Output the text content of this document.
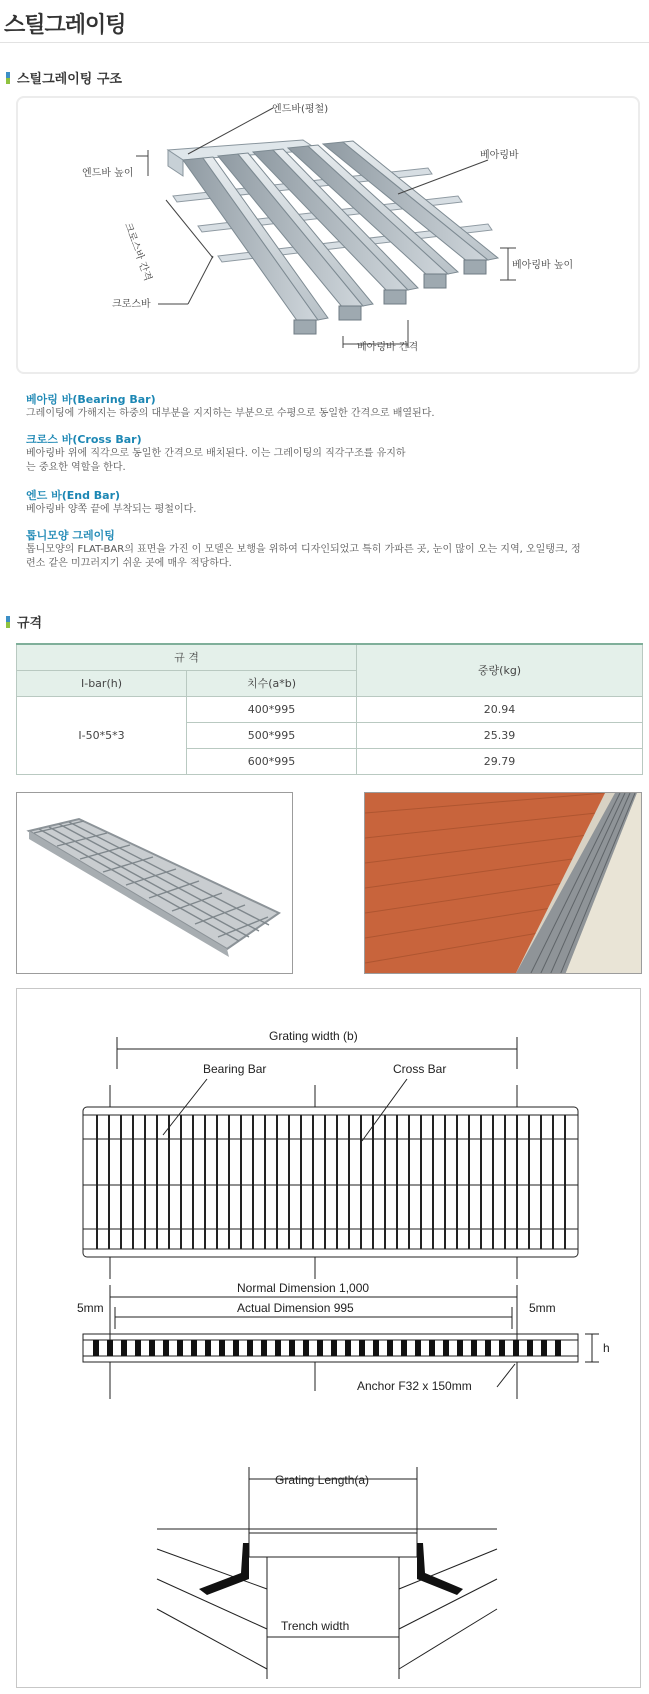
스틸그레이팅
스틸그레이팅 구조
엔드바(평철)
엔드바 높이
베아링바
크로스바 간격	베아링바 높이
크로스바
베아링바 간격
베아링 바(Bearing Bar)
그레이팅에 가해지는 하중의 대부분을 지지하는 부분으로 수평으로 동일한 간격으로 배열된다.
크로스 바(Cross Bar)
베아링바 위에 직각으로 동일한 간격으로 배치된다. 이는 그레이팅의 직각구조를 유지하는 중요한 역할을 한다.
엔드 바(End Bar)
베아링바 양쪽 끝에 부착되는 평철이다.
톱니모양 그레이팅
톱니모양의 FLAT-BAR의 표면을 가진 이 모델은 보행을 위하여 디자인되었고 특히 가파른 곳, 눈이 많이 오는 지역, 오일탱크, 정련소 같은 미끄러지기 쉬운 곳에 매우 적당하다.
규격
규 격		중량(kg)
I-bar(h)	치수(a*b)	
I-50*5*3	400*995	20.94
	500*995	25.39
	600*995	29.79
Grating width (b)
Bearing Bar	Cross Bar
Normal Dimension 1,000
Actual Dimension 995
5mm	5mm
h
Anchor F32 x 150mm
Grating Length(a)
Trench width
